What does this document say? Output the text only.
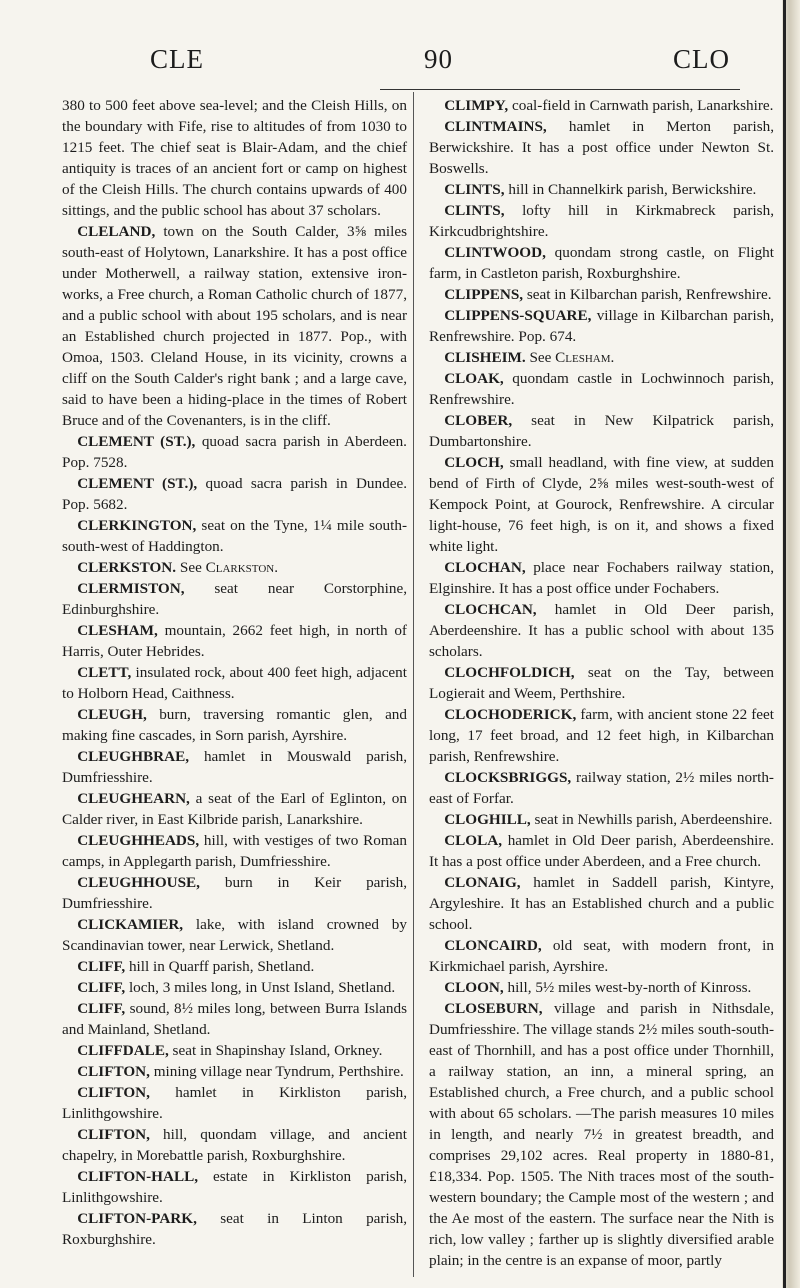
CLE	90	CLO

380 to 500 feet above sea-level; and the Cleish Hills, on the boundary with Fife, rise to altitudes of from 1030 to 1215 feet. The chief seat is Blair-Adam, and the chief antiquity is traces of an ancient fort or camp on highest of the Cleish Hills. The church contains upwards of 400 sittings, and the public school has about 37 scholars.

 CLELAND, town on the South Calder, 3⅝ miles south-east of Holytown, Lanarkshire. It has a post office under Motherwell, a railway station, extensive iron-works, a Free church, a Roman Catholic church of 1877, and a public school with about 195 scholars, and is near an Established church projected in 1877. Pop., with Omoa, 1503. Cleland House, in its vicinity, crowns a cliff on the South Calder's right bank ; and a large cave, said to have been a hiding-place in the times of Robert Bruce and of the Covenanters, is in the cliff.

 CLEMENT (ST.), quoad sacra parish in Aberdeen. Pop. 7528.

 CLEMENT (ST.), quoad sacra parish in Dundee. Pop. 5682.

 CLERKINGTON, seat on the Tyne, 1¼ mile south-south-west of Haddington.

 CLERKSTON. See Clarkston.

 CLERMISTON, seat near Corstorphine, Edinburghshire.

 CLESHAM, mountain, 2662 feet high, in north of Harris, Outer Hebrides.

 CLETT, insulated rock, about 400 feet high, adjacent to Holborn Head, Caithness.

 CLEUGH, burn, traversing romantic glen, and making fine cascades, in Sorn parish, Ayrshire.

 CLEUGHBRAE, hamlet in Mouswald parish, Dumfriesshire.

 CLEUGHEARN, a seat of the Earl of Eglinton, on Calder river, in East Kilbride parish, Lanarkshire.

 CLEUGHHEADS, hill, with vestiges of two Roman camps, in Applegarth parish, Dumfriesshire.

 CLEUGHHOUSE, burn in Keir parish, Dumfriesshire.

 CLICKAMIER, lake, with island crowned by Scandinavian tower, near Lerwick, Shetland.

 CLIFF, hill in Quarff parish, Shetland.

 CLIFF, loch, 3 miles long, in Unst Island, Shetland.

 CLIFF, sound, 8½ miles long, between Burra Islands and Mainland, Shetland.

 CLIFFDALE, seat in Shapinshay Island, Orkney.

 CLIFTON, mining village near Tyndrum, Perthshire.

 CLIFTON, hamlet in Kirkliston parish, Linlithgowshire.

 CLIFTON, hill, quondam village, and ancient chapelry, in Morebattle parish, Roxburghshire.

 CLIFTON-HALL, estate in Kirkliston parish, Linlithgowshire.

 CLIFTON-PARK, seat in Linton parish, Roxburghshire.

 CLIMPY, coal-field in Carnwath parish, Lanarkshire.

 CLINTMAINS, hamlet in Merton parish, Berwickshire. It has a post office under Newton St. Boswells.

 CLINTS, hill in Channelkirk parish, Berwickshire.

 CLINTS, lofty hill in Kirkmabreck parish, Kirkcudbrightshire.

 CLINTWOOD, quondam strong castle, on Flight farm, in Castleton parish, Roxburghshire.

 CLIPPENS, seat in Kilbarchan parish, Renfrewshire.

 CLIPPENS-SQUARE, village in Kilbarchan parish, Renfrewshire. Pop. 674.

 CLISHEIM. See Clesham.

 CLOAK, quondam castle in Lochwinnoch parish, Renfrewshire.

 CLOBER, seat in New Kilpatrick parish, Dumbartonshire.

 CLOCH, small headland, with fine view, at sudden bend of Firth of Clyde, 2⅝ miles west-south-west of Kempock Point, at Gourock, Renfrewshire. A circular light-house, 76 feet high, is on it, and shows a fixed white light.

 CLOCHAN, place near Fochabers railway station, Elginshire. It has a post office under Fochabers.

 CLOCHCAN, hamlet in Old Deer parish, Aberdeenshire. It has a public school with about 135 scholars.

 CLOCHFOLDICH, seat on the Tay, between Logierait and Weem, Perthshire.

 CLOCHODERICK, farm, with ancient stone 22 feet long, 17 feet broad, and 12 feet high, in Kilbarchan parish, Renfrewshire.

 CLOCKSBRIGGS, railway station, 2½ miles north-east of Forfar.

 CLOGHILL, seat in Newhills parish, Aberdeenshire.

 CLOLA, hamlet in Old Deer parish, Aberdeenshire. It has a post office under Aberdeen, and a Free church.

 CLONAIG, hamlet in Saddell parish, Kintyre, Argyleshire. It has an Established church and a public school.

 CLONCAIRD, old seat, with modern front, in Kirkmichael parish, Ayrshire.

 CLOON, hill, 5½ miles west-by-north of Kinross.

 CLOSEBURN, village and parish in Nithsdale, Dumfriesshire. The village stands 2½ miles south-south-east of Thornhill, and has a post office under Thornhill, a railway station, an inn, a mineral spring, an Established church, a Free church, and a public school with about 65 scholars. —The parish measures 10 miles in length, and nearly 7½ in greatest breadth, and comprises 29,102 acres. Real property in 1880-81, £18,334. Pop. 1505. The Nith traces most of the south-western boundary; the Cample most of the western ; and the Ae most of the eastern. The surface near the Nith is rich, low valley ; farther up is slightly diversified arable plain; in the centre is an expanse of moor, partly
